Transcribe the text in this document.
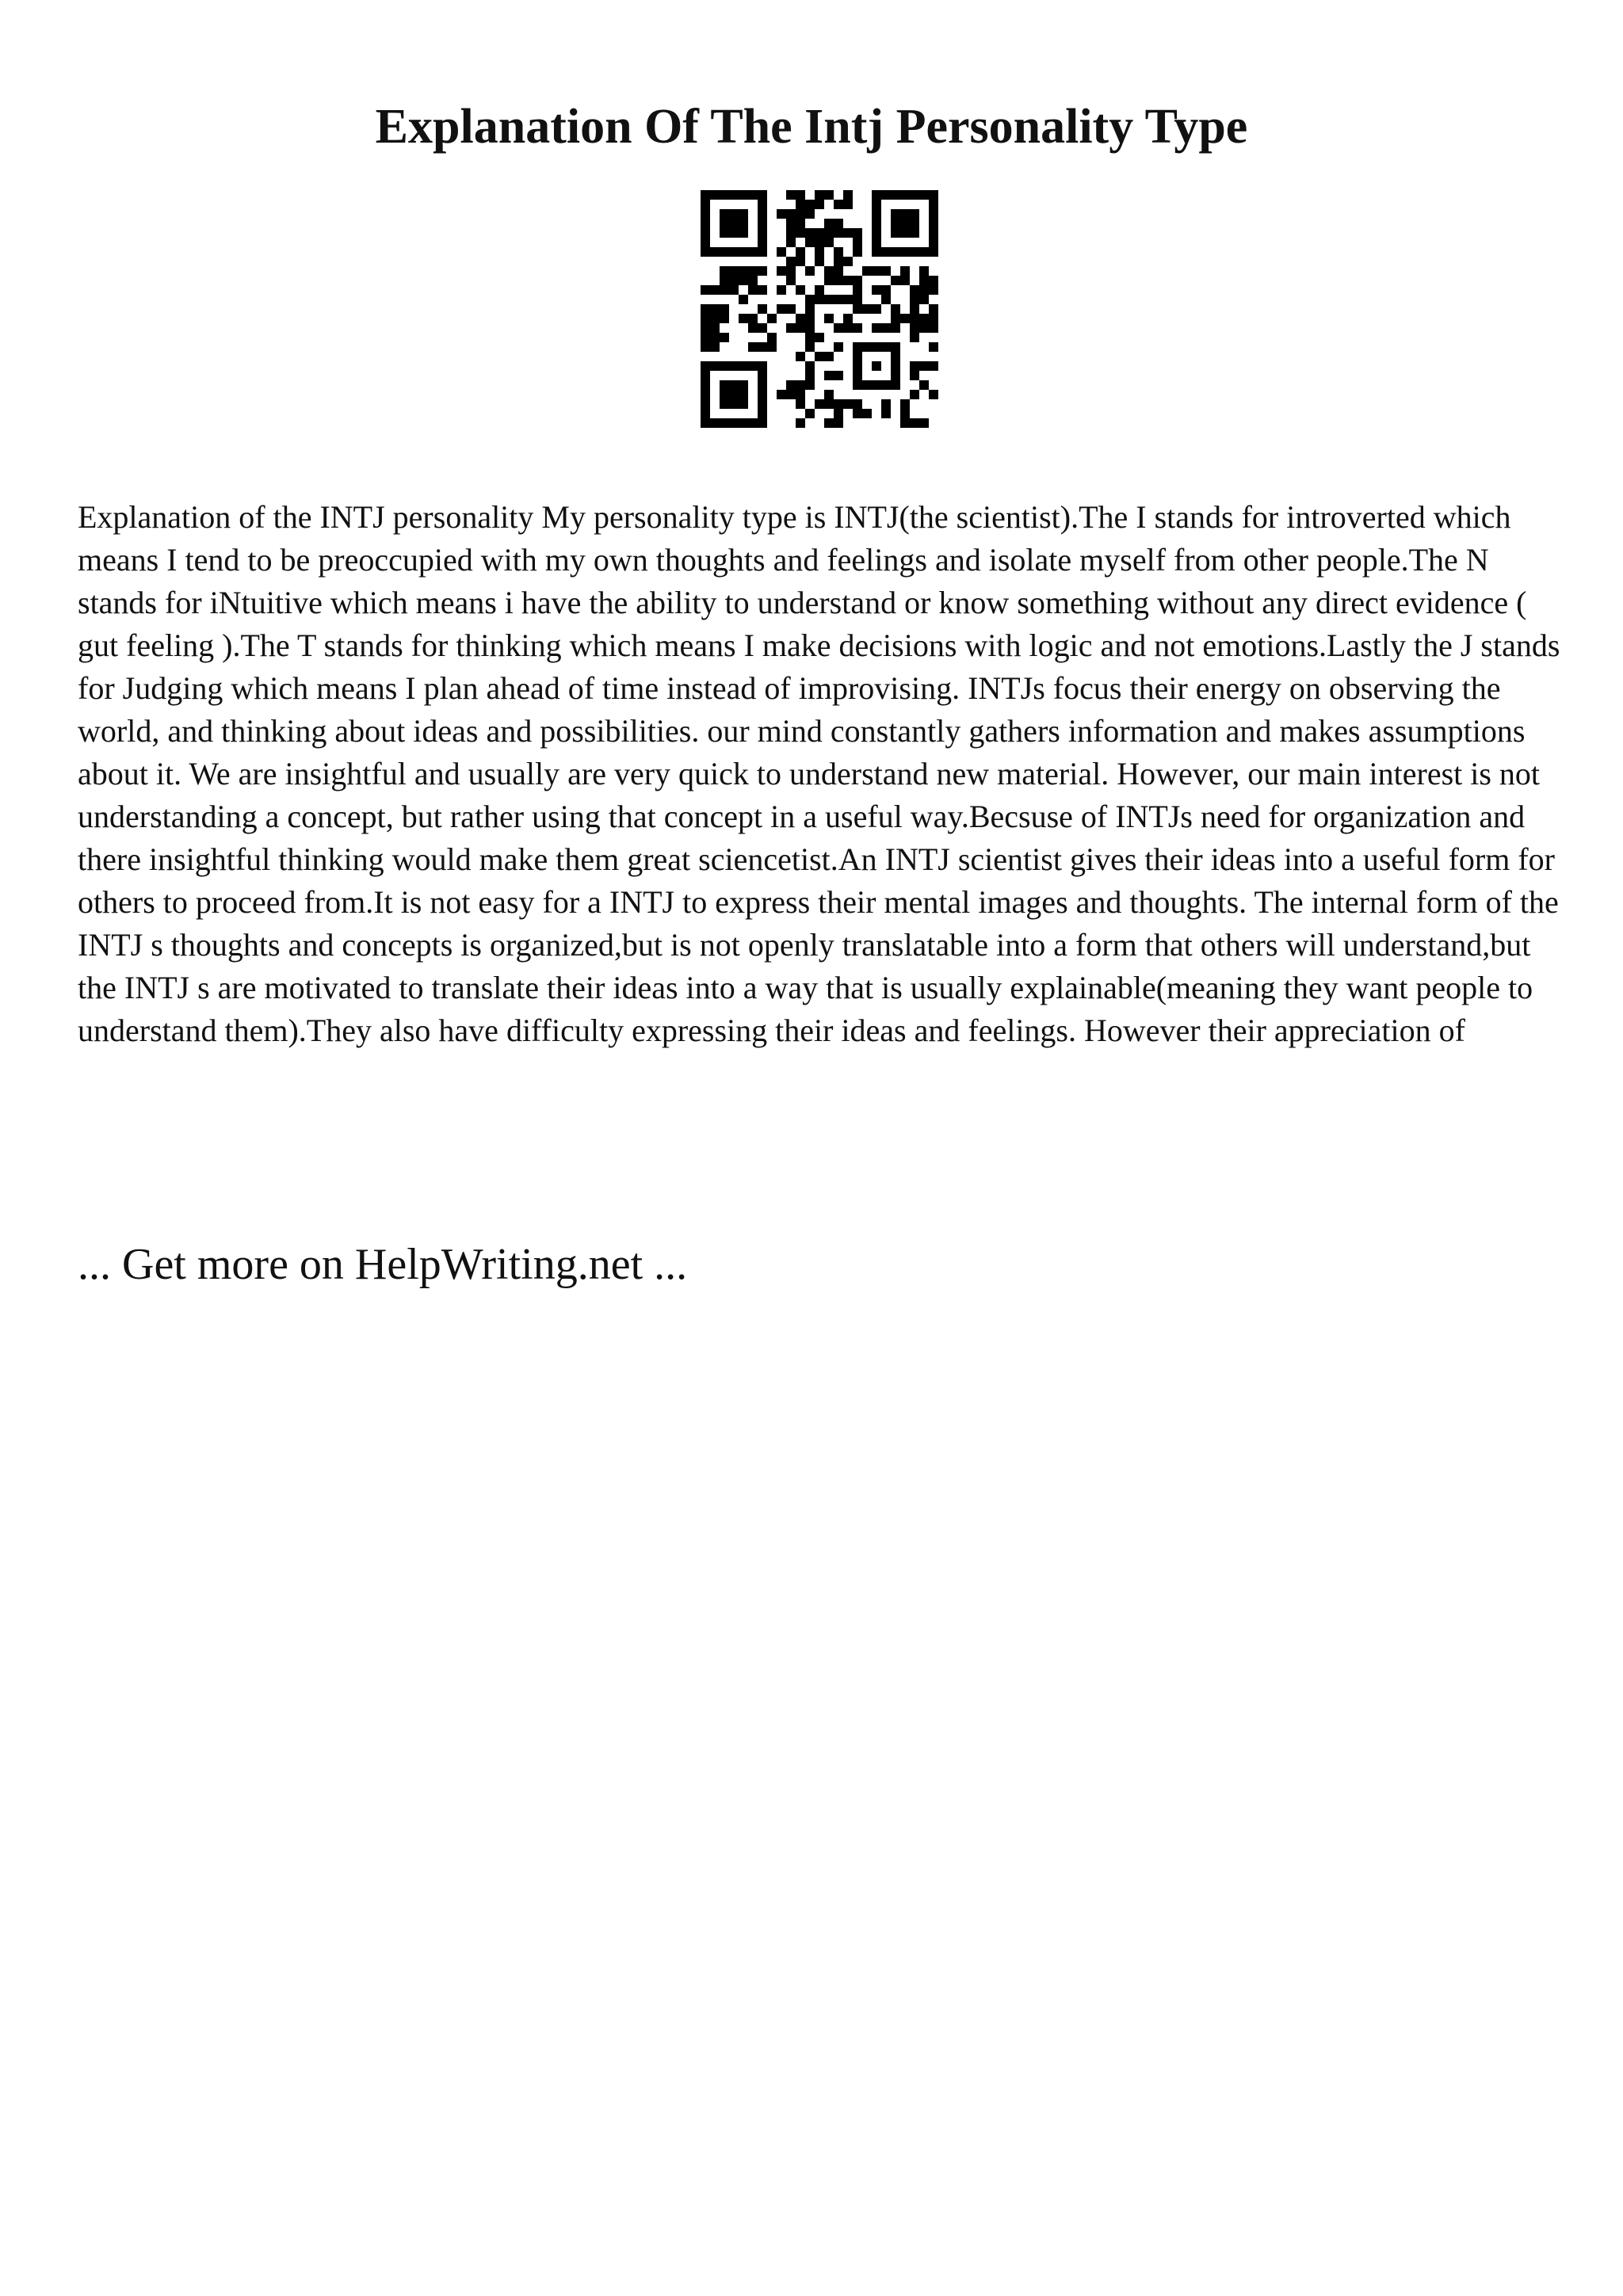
Explanation Of The Intj Personality Type

Explanation of the INTJ personality My personality type is INTJ(the scientist).The I stands for introverted which means I tend to be preoccupied with my own thoughts and feelings and isolate myself from other people.The N stands for iNtuitive which means i have the ability to understand or know something without any direct evidence ( gut feeling ).The T stands for thinking which means I make decisions with logic and not emotions.Lastly the J stands for Judging which means I plan ahead of time instead of improvising. INTJs focus their energy on observing the world, and thinking about ideas and possibilities. our mind constantly gathers information and makes assumptions about it. We are insightful and usually are very quick to understand new material. However, our main interest is not understanding a concept, but rather using that concept in a useful way.Becsuse of INTJs need for organization and there insightful thinking would make them great sciencetist.An INTJ scientist gives their ideas into a useful form for others to proceed from.It is not easy for a INTJ to express their mental images and thoughts. The internal form of the INTJ s thoughts and concepts is organized,but is not openly translatable into a form that others will understand,but the INTJ s are motivated to translate their ideas into a way that is usually explainable(meaning they want people to understand them).They also have difficulty expressing their ideas and feelings. However their appreciation of

... Get more on HelpWriting.net ...
